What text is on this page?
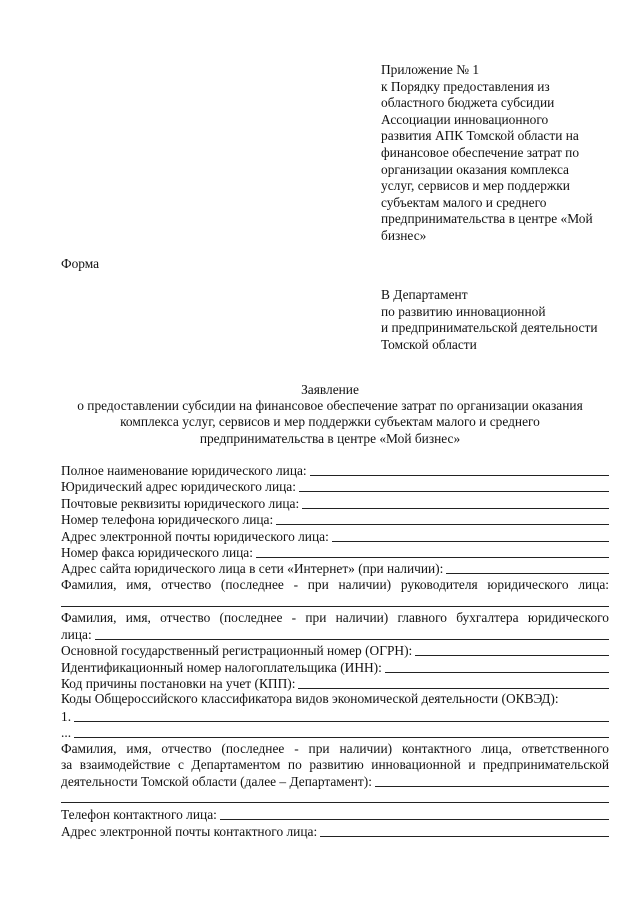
Приложение № 1
к Порядку предоставления из
областного бюджета субсидии
Ассоциации инновационного
развития АПК Томской области на
финансовое обеспечение затрат по
организации оказания комплекса
услуг, сервисов и мер поддержки
субъектам малого и среднего
предпринимательства в центре «Мой
бизнес»
Форма
В Департамент
по развитию инновационной
и предпринимательской деятельности
Томской области
Заявление
о предоставлении субсидии на финансовое обеспечение затрат по организации оказания
комплекса услуг, сервисов и мер поддержки субъектам малого и среднего
предпринимательства в центре «Мой бизнес»
Полное наименование юридического лица:
Юридический адрес юридического лица:
Почтовые реквизиты юридического лица:
Номер телефона юридического лица:
Адрес электронной почты юридического лица:
Номер факса юридического лица:
Адрес сайта юридического лица в сети «Интернет» (при наличии):
Фамилия, имя, отчество (последнее - при наличии) руководителя юридического лица:
Фамилия, имя, отчество (последнее - при наличии) главного бухгалтера юридического
лица:
Основной государственный регистрационный номер (ОГРН):
Идентификационный номер налогоплательщика (ИНН):
Код причины постановки на учет (КПП):
Коды Общероссийского классификатора видов экономической деятельности (ОКВЭД):
1.
...
Фамилия, имя, отчество (последнее - при наличии) контактного лица, ответственного
за взаимодействие с Департаментом по развитию инновационной и предпринимательской
деятельности Томской области (далее – Департамент):
Телефон контактного лица:
Адрес электронной почты контактного лица:
